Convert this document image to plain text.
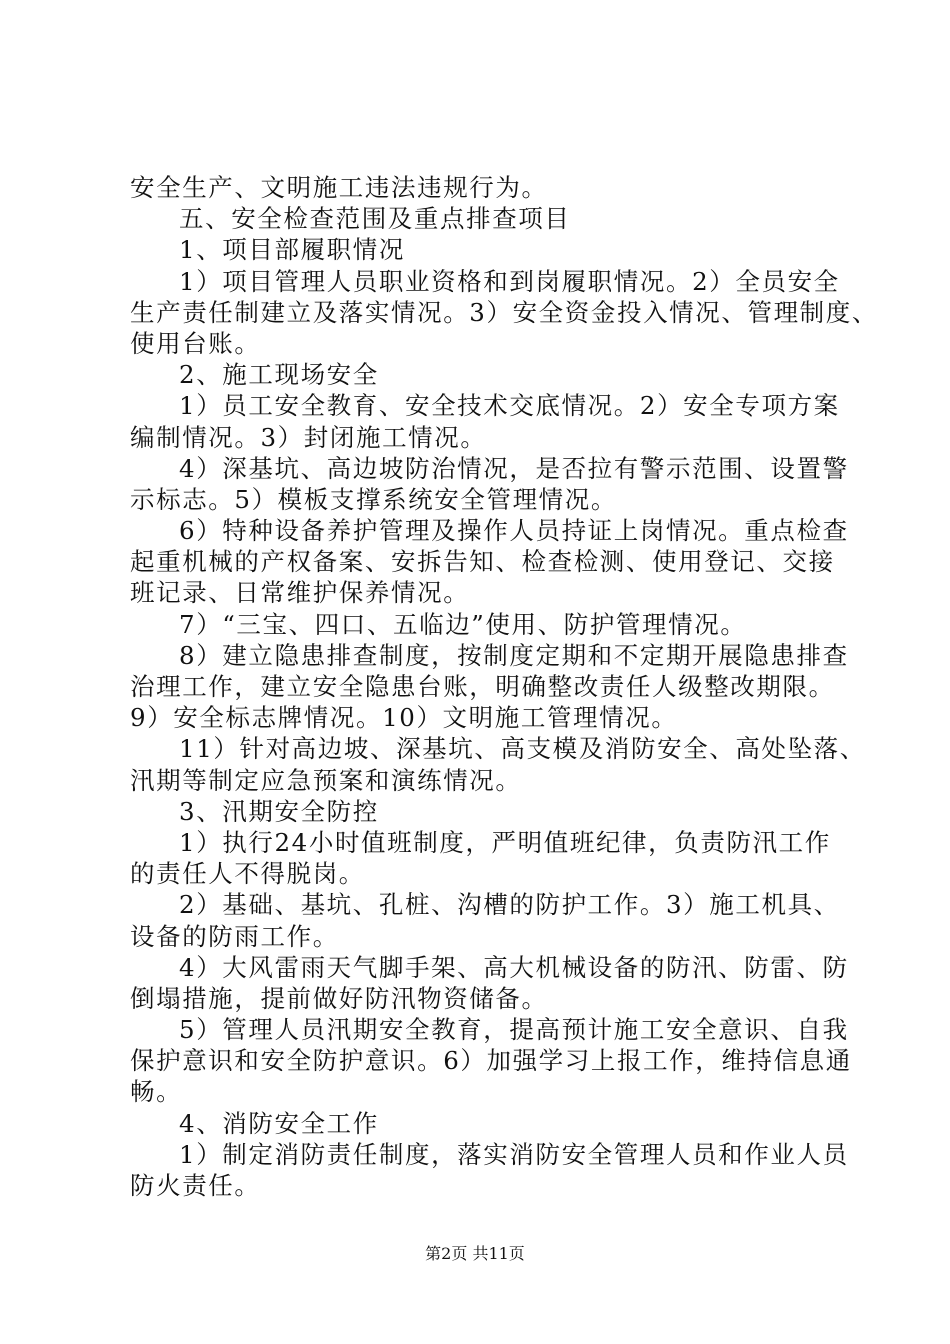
安全生产、文明施工违法违规行为。
五、安全检查范围及重点排查项目
1、项目部履职情况
1）项目管理人员职业资格和到岗履职情况。2）全员安全
生产责任制建立及落实情况。3）安全资金投入情况、管理制度、
使用台账。
2、施工现场安全
1）员工安全教育、安全技术交底情况。2）安全专项方案
编制情况。3）封闭施工情况。
4）深基坑、高边坡防治情况，是否拉有警示范围、设置警
示标志。5）模板支撑系统安全管理情况。
6）特种设备养护管理及操作人员持证上岗情况。重点检查
起重机械的产权备案、安拆告知、检查检测、使用登记、交接
班记录、日常维护保养情况。
7）“三宝、四口、五临边”使用、防护管理情况。
8）建立隐患排查制度，按制度定期和不定期开展隐患排查
治理工作，建立安全隐患台账，明确整改责任人级整改期限。
9）安全标志牌情况。10）文明施工管理情况。
11）针对高边坡、深基坑、高支模及消防安全、高处坠落、
汛期等制定应急预案和演练情况。
3、汛期安全防控
1）执行24小时值班制度，严明值班纪律，负责防汛工作
的责任人不得脱岗。
2）基础、基坑、孔桩、沟槽的防护工作。3）施工机具、
设备的防雨工作。
4）大风雷雨天气脚手架、高大机械设备的防汛、防雷、防
倒塌措施，提前做好防汛物资储备。
5）管理人员汛期安全教育，提高预计施工安全意识、自我
保护意识和安全防护意识。6）加强学习上报工作，维持信息通
畅。
4、消防安全工作
1）制定消防责任制度，落实消防安全管理人员和作业人员
防火责任。
第2页 共11页
